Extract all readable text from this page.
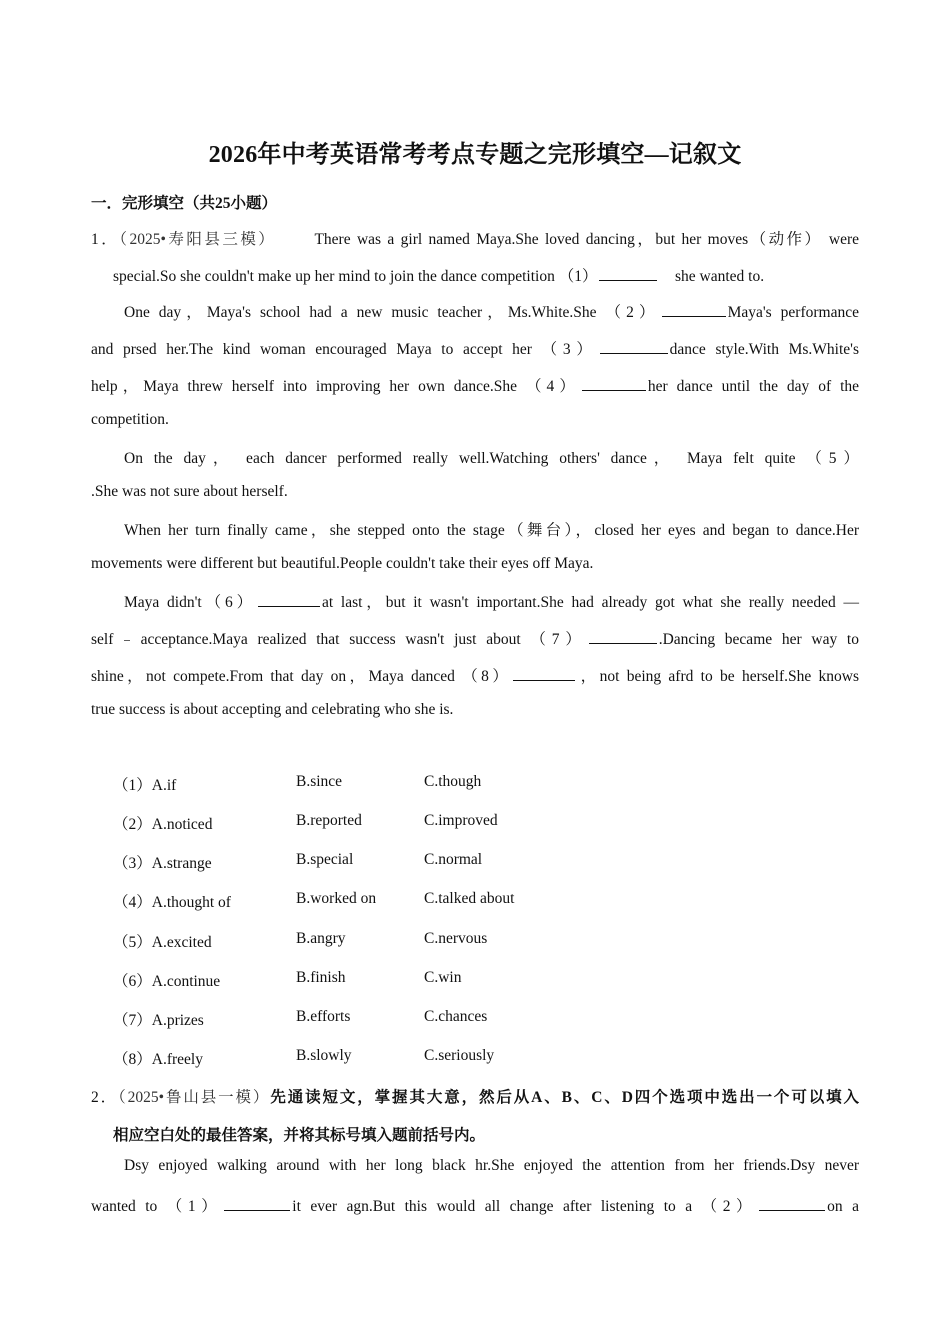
2026年中考英语常考考点专题之完形填空—记叙文
一．完形填空（共25小题）
1．（2025•寿阳县三模） There was a girl named Maya.She loved dancing，but her moves（动作） were
special.So she couldn't make up her mind to join the dance competition （1）	she wanted to.
One day，Maya's school had a new music teacher，Ms.White.She （2）	Maya's performance
and prsed her.The kind woman encouraged Maya to accept her （3）	dance style.With Ms.White's
help，Maya threw herself into improving her own dance.She （4）	her dance until the day of the
competition.
On the day， each dancer performed really well.Watching others' dance， Maya felt quite （5）
.She was not sure about herself.
When her turn finally came，she stepped onto the stage（舞台），closed her eyes and began to dance.Her
movements were different but beautiful.People couldn't take their eyes off Maya.
Maya didn't（6）	at last，but it wasn't important.She had already got what she really needed —
self﹣acceptance.Maya realized that success wasn't just about （7）	.Dancing became her way to
shine，not compete.From that day on，Maya danced （8）	，not being afrd to be herself.She knows
true success is about accepting and celebrating who she is.
（1）A.if	B.since	C.though
（2）A.noticed	B.reported	C.improved
（3）A.strange	B.special	C.normal
（4）A.thought of	B.worked on	C.talked about
（5）A.excited	B.angry	C.nervous
（6）A.continue	B.finish	C.win
（7）A.prizes	B.efforts	C.chances
（8）A.freely	B.slowly	C.seriously
2．（2025•鲁山县一模）先通读短文，掌握其大意，然后从A、B、C、D四个选项中选出一个可以填入
相应空白处的最佳答案，并将其标号填入题前括号内。
Dsy enjoyed walking around with her long black hr.She enjoyed the attention from her friends.Dsy never
wanted to （1）	it ever agn.But this would all change after listening to a （2）	on a
